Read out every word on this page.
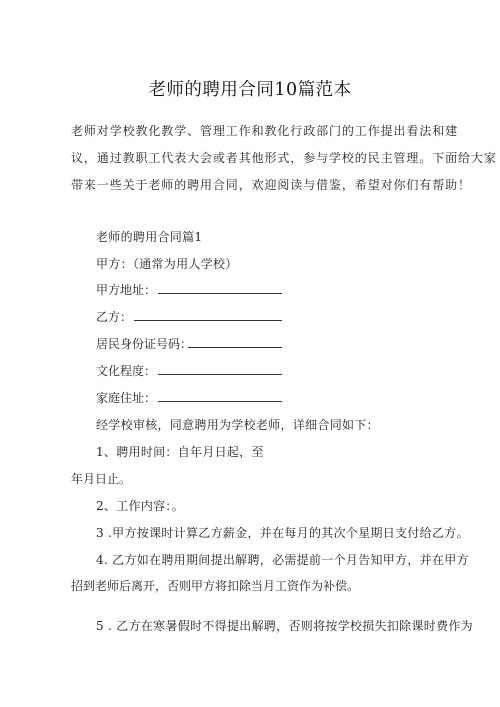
老师的聘用合同10篇范本
老师对学校教化教学、管理工作和教化行政部门的工作提出看法和建
议，通过教职工代表大会或者其他形式，参与学校的民主管理。下面给大家
带来一些关于老师的聘用合同，欢迎阅读与借鉴，希望对你们有帮助！
老师的聘用合同篇1
甲方：（通常为用人学校）
甲方地址：
乙方：
居民身份证号码：
文化程度：
家庭住址：
经学校审核，同意聘用为学校老师，详细合同如下：
1、聘用时间：自年月日起，至
年月日止。
2、工作内容：。
3 .甲方按课时计算乙方薪金，并在每月的其次个星期日支付给乙方。
4. 乙方如在聘用期间提出解聘，必需提前一个月告知甲方，并在甲方
招到老师后离开，否则甲方将扣除当月工资作为补偿。
5 . 乙方在寒暑假时不得提出解聘，否则将按学校损失扣除课时费作为
